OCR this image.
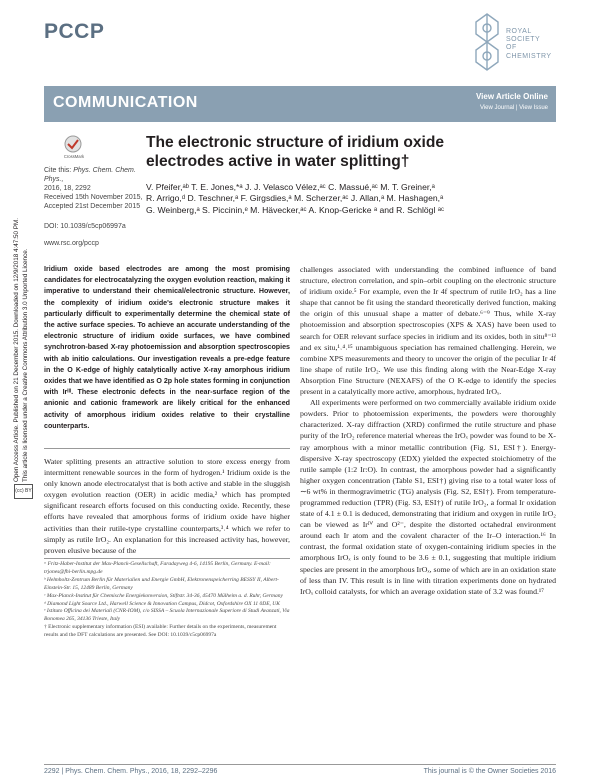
PCCP	ROYAL SOCIETY
OF CHEMISTRY
COMMUNICATION	View Article Online
View Journal | View Issue
Open Access Article. Published on 21 December 2015. Downloaded on 12/9/2018 4:47:50 PM. This article is licensed under a Creative Commons Attribution 3.0 Unported Licence.
(cc) BY
CrossMark
Cite this: Phys. Chem. Chem. Phys.,
2016, 18, 2292
Received 15th November 2015,
Accepted 21st December 2015
DOI: 10.1039/c5cp06997a
www.rsc.org/pccp
The electronic structure of iridium oxide
electrodes active in water splitting†
V. Pfeifer,ᵃᵇ T. E. Jones,*ᵃ J. J. Velasco Vélez,ᵃᶜ C. Massué,ᵃᶜ M. T. Greiner,ᵃ
R. Arrigo,ᵈ D. Teschner,ᵃ F. Girgsdies,ᵃ M. Scherzer,ᵃᶜ J. Allan,ᵃ M. Hashagen,ᵃ
G. Weinberg,ᵃ S. Piccinin,ᵉ M. Hävecker,ᵃᶜ A. Knop-Gericke ᵃ and R. Schlögl ᵃᶜ
Iridium oxide based electrodes are among the most promising candidates for electrocatalyzing the oxygen evolution reaction, making it imperative to understand their chemical/electronic structure. However, the complexity of iridium oxide's electronic structure makes it particularly difficult to experimentally determine the chemical state of the active surface species. To achieve an accurate understanding of the electronic structure of iridium oxide surfaces, we have combined synchrotron-based X-ray photoemission and absorption spectroscopies with ab initio calculations. Our investigation reveals a pre-edge feature in the O K-edge of highly catalytically active X-ray amorphous iridium oxides that we have identified as O 2p hole states forming in conjunction with Irᴵᴵᴵ. These electronic defects in the near-surface region of the anionic and cationic framework are likely critical for the enhanced activity of amorphous iridium oxides relative to their crystalline counterparts.
Water splitting presents an attractive solution to store excess energy from intermittent renewable sources in the form of hydrogen.¹ Iridium oxide is the only known anode electrocatalyst that is both active and stable in the sluggish oxygen evolution reaction (OER) in acidic media,² which has prompted significant research efforts focused on this conducting oxide. Recently, these efforts have revealed that amorphous forms of iridium oxide have higher activities than their rutile-type crystalline counterparts,³˒⁴ which we refer to simply as rutile IrO₂. An explanation for this increased activity has, however, proven elusive because of the
challenges associated with understanding the combined influence of band structure, electron correlation, and spin–orbit coupling on the electronic structure of iridium oxide.⁵ For example, even the Ir 4f spectrum of rutile IrO₂ has a line shape that cannot be fit using the standard theoretically derived function, making the origin of this unusual shape a matter of debate.⁶⁻⁹ Thus, while X-ray photoemission and absorption spectroscopies (XPS & XAS) have been used to search for OER relevant surface species in iridium and its oxides, both in situ⁸⁻¹³ and ex situ,¹˒⁴˒¹⁵ unambiguous speciation has remained challenging. Herein, we combine XPS measurements and theory to uncover the origin of the peculiar Ir 4f line shape of rutile IrO₂. We use this finding along with the Near-Edge X-ray Absorption Fine Structure (NEXAFS) of the O K-edge to identify the species present in a catalytically more active, amorphous, hydrated IrOₓ.
All experiments were performed on two commercially available iridium oxide powders. Prior to photoemission experiments, the powders were thoroughly characterized. X-ray diffraction (XRD) confirmed the rutile structure and phase purity of the IrO₂ reference material whereas the IrOₓ powder was found to be X-ray amorphous with a minor metallic contribution (Fig. S1, ESI†). Energy-dispersive X-ray spectroscopy (EDX) yielded the expected stoichiometry of the rutile sample (1:2 Ir:O). In contrast, the amorphous powder had a significantly higher oxygen concentration (Table S1, ESI†) giving rise to a total water loss of ∼6 wt% in thermogravimetric (TG) analysis (Fig. S2, ESI†). From temperature-programmed reduction (TPR) (Fig. S3, ESI†) of rutile IrO₂, a formal Ir oxidation state of 4.1 ± 0.1 is deduced, demonstrating that iridium and oxygen in rutile IrO₂ can be viewed as Irᴵⱽ and O²⁻, despite the distorted octahedral environment around each Ir atom and the covalent character of the Ir–O interaction.¹⁶ In contrast, the formal oxidation state of oxygen-containing iridium species in the amorphous IrOₓ is only found to be 3.6 ± 0.1, suggesting that multiple iridium species are present in the amorphous IrOₓ, some of which are in an oxidation state of less than IV. This result is in line with titration experiments done on hydrated IrOₓ colloid catalysts, for which an average oxidation state of 3.2 was found.¹⁷
ᵃ Fritz-Haber-Institut der Max-Planck-Gesellschaft, Faradayweg 4-6, 14195 Berlin, Germany. E-mail: trjones@fhi-berlin.mpg.de
ᵇ Helmholtz-Zentrum Berlin für Materialien und Energie GmbH, Elektronenspeicherring BESSY II, Albert-Einstein-Str. 15, 12489 Berlin, Germany
ᶜ Max-Planck-Institut für Chemische Energiekonversion, Stiftstr. 34-36, 45470 Mülheim a. d. Ruhr, Germany
ᵈ Diamond Light Source Ltd., Harwell Science & Innovation Campus, Didcot, Oxfordshire OX 11 0DE, UK
ᵉ Istituto Officina dei Materiali (CNR-IOM), c/o SISSA – Scuola Internazionale Superiore di Studi Avanzati, Via Bonomea 265, 34136 Trieste, Italy
† Electronic supplementary information (ESI) available: Further details on the experiments, measurement results and the DFT calculations are presented. See DOI: 10.1039/c5cp06997a
2292 | Phys. Chem. Chem. Phys., 2016, 18, 2292–2296	This journal is © the Owner Societies 2016
